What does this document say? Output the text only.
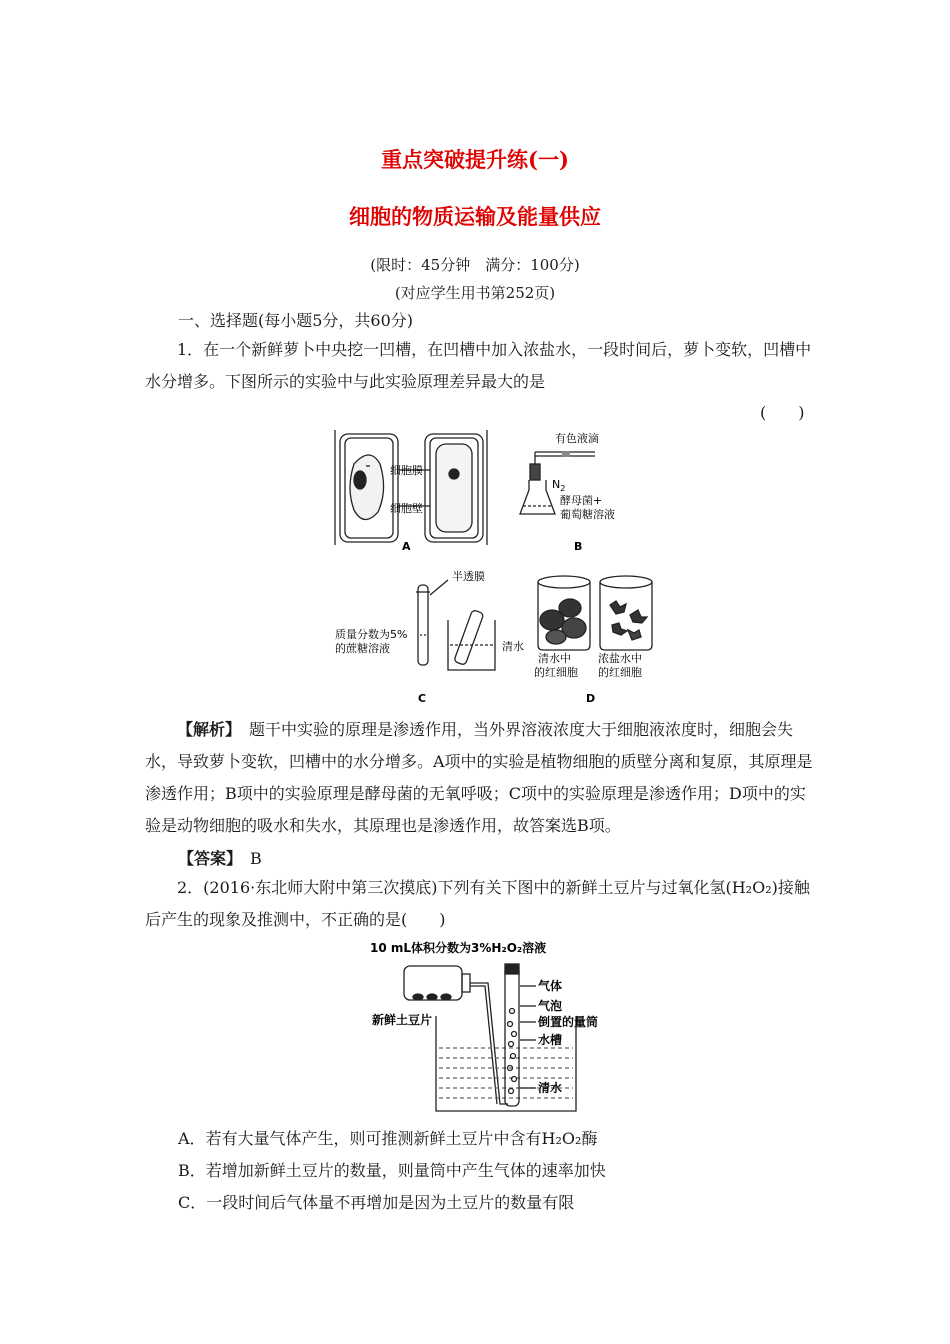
重点突破提升练(一)
细胞的物质运输及能量供应
(限时：45分钟　满分：100分)
(对应学生用书第252页)
一、选择题(每小题5分，共60分)
1．在一个新鲜萝卜中央挖一凹槽，在凹槽中加入浓盐水，一段时间后，萝卜变软，凹槽中水分增多。下图所示的实验中与此实验原理差异最大的是
(　　)
细胞膜
细胞壁
A
有色液滴
$N_2$
酵母菌+
葡萄糖溶液
B
半透膜
质量分数为5%
的蔗糖溶液	清水
C
清水中
的红细胞
浓盐水中
的红细胞
D
【解析】　题干中实验的原理是渗透作用，当外界溶液浓度大于细胞液浓度时，细胞会失水，导致萝卜变软，凹槽中的水分增多。A项中的实验是植物细胞的质壁分离和复原，其原理是渗透作用；B项中的实验原理是酵母菌的无氧呼吸；C项中的实验原理是渗透作用；D项中的实验是动物细胞的吸水和失水，其原理也是渗透作用，故答案选B项。
【答案】　B
2．(2016·东北师大附中第三次摸底)下列有关下图中的新鲜土豆片与过氧化氢(H₂O₂)接触后产生的现象及推测中，不正确的是(　　)
10 mL体积分数为3%H₂O₂溶液
新鲜土豆片
气体
气泡
倒置的量筒
水槽
清水
A．若有大量气体产生，则可推测新鲜土豆片中含有H₂O₂酶
B．若增加新鲜土豆片的数量，则量筒中产生气体的速率加快
C．一段时间后气体量不再增加是因为土豆片的数量有限
